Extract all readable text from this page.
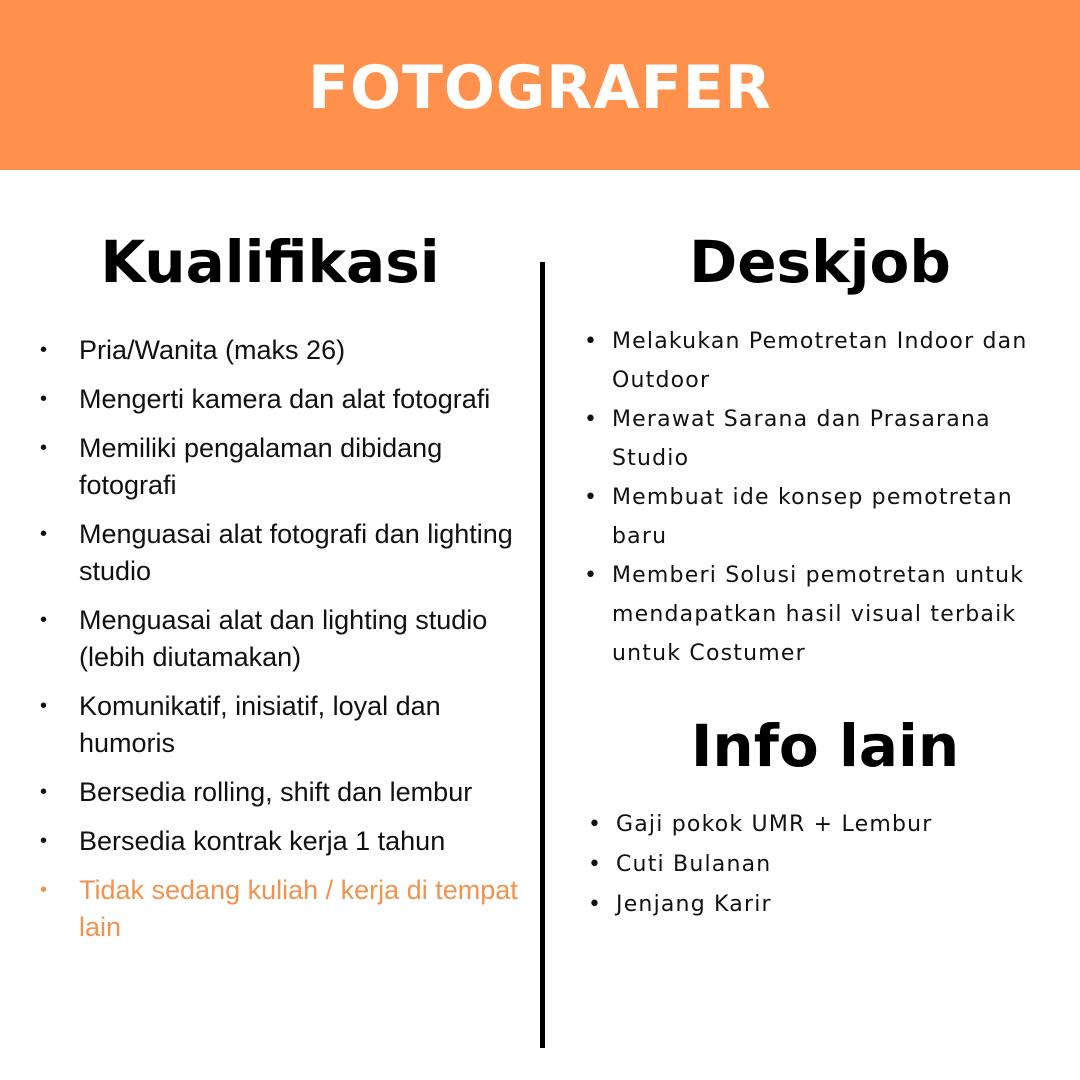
FOTOGRAFER
Kualifikasi	Deskjob
Info lain
• Pria/Wanita (maks 26)
• Mengerti kamera dan alat fotografi
• Memiliki pengalaman dibidang fotografi
• Menguasai alat fotografi dan lighting studio
• Menguasai alat dan lighting studio (lebih diutamakan)
• Komunikatif, inisiatif, loyal dan humoris
• Bersedia rolling, shift dan lembur
• Bersedia kontrak kerja 1 tahun
• Tidak sedang kuliah / kerja di tempat lain
• Melakukan Pemotretan Indoor dan Outdoor
• Merawat Sarana dan Prasarana Studio
• Membuat ide konsep pemotretan baru
• Memberi Solusi pemotretan untuk mendapatkan hasil visual terbaik untuk Costumer
• Gaji pokok UMR + Lembur
• Cuti Bulanan
• Jenjang Karir
